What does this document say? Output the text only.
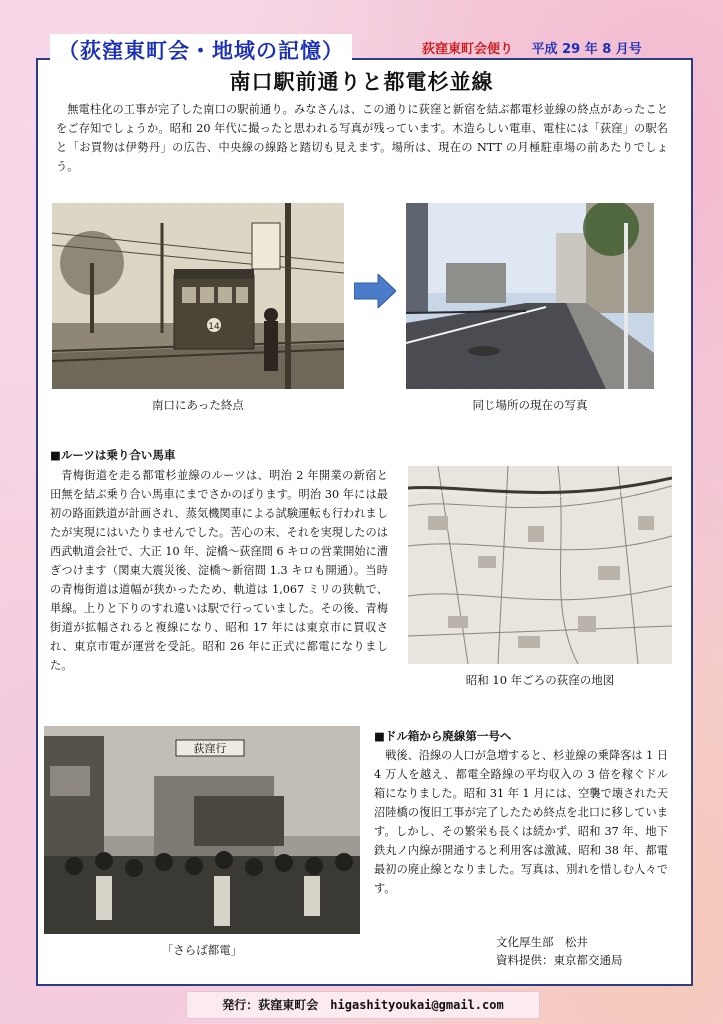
（荻窪東町会・地域の記憶）	荻窪東町会便り 平成 29 年 8 月号
南口駅前通りと都電杉並線
無電柱化の工事が完了した南口の駅前通り。みなさんは、この通りに荻窪と新宿を結ぶ都電杉並線の終点があったことをご存知でしょうか。昭和 20 年代に撮ったと思われる写真が残っています。木造らしい電車、電柱には「荻窪」の駅名と「お買物は伊勢丹」の広告、中央線の線路と踏切も見えます。場所は、現在の NTT の月極駐車場の前あたりでしょう。
14
南口にあった終点	同じ場所の現在の写真
■ルーツは乗り合い馬車
青梅街道を走る都電杉並線のルーツは、明治 2 年開業の新宿と田無を結ぶ乗り合い馬車にまでさかのぼります。明治 30 年には最初の路面鉄道が計画され、蒸気機関車による試験運転も行われましたが実現にはいたりませんでした。苦心の末、それを実現したのは西武軌道会社で、大正 10 年、淀橋～荻窪間 6 キロの営業開始に漕ぎつけます（関東大震災後、淀橋～新宿間 1.3 キロも開通）。当時の青梅街道は道幅が狭かったため、軌道は 1,067 ミリの狭軌で、単線。上りと下りのすれ違いは駅で行っていました。その後、青梅街道が拡幅されると複線になり、昭和 17 年には東京市に買収され、東京市電が運営を受託。昭和 26 年に正式に都電になりました。
昭和 10 年ごろの荻窪の地図
荻窪行
「さらば都電」
■ドル箱から廃線第一号へ
戦後、沿線の人口が急増すると、杉並線の乗降客は 1 日 4 万人を越え、都電全路線の平均収入の 3 倍を稼ぐドル箱になりました。昭和 31 年 1 月には、空襲で壊された天沼陸橋の復旧工事が完了したため終点を北口に移しています。しかし、その繁栄も長くは続かず、昭和 37 年、地下鉄丸ノ内線が開通すると利用客は激減、昭和 38 年、都電最初の廃止線となりました。写真は、別れを惜しむ人々です。
文化厚生部　松井
資料提供：東京都交通局
発行：荻窪東町会　higashityoukai@gmail.com
